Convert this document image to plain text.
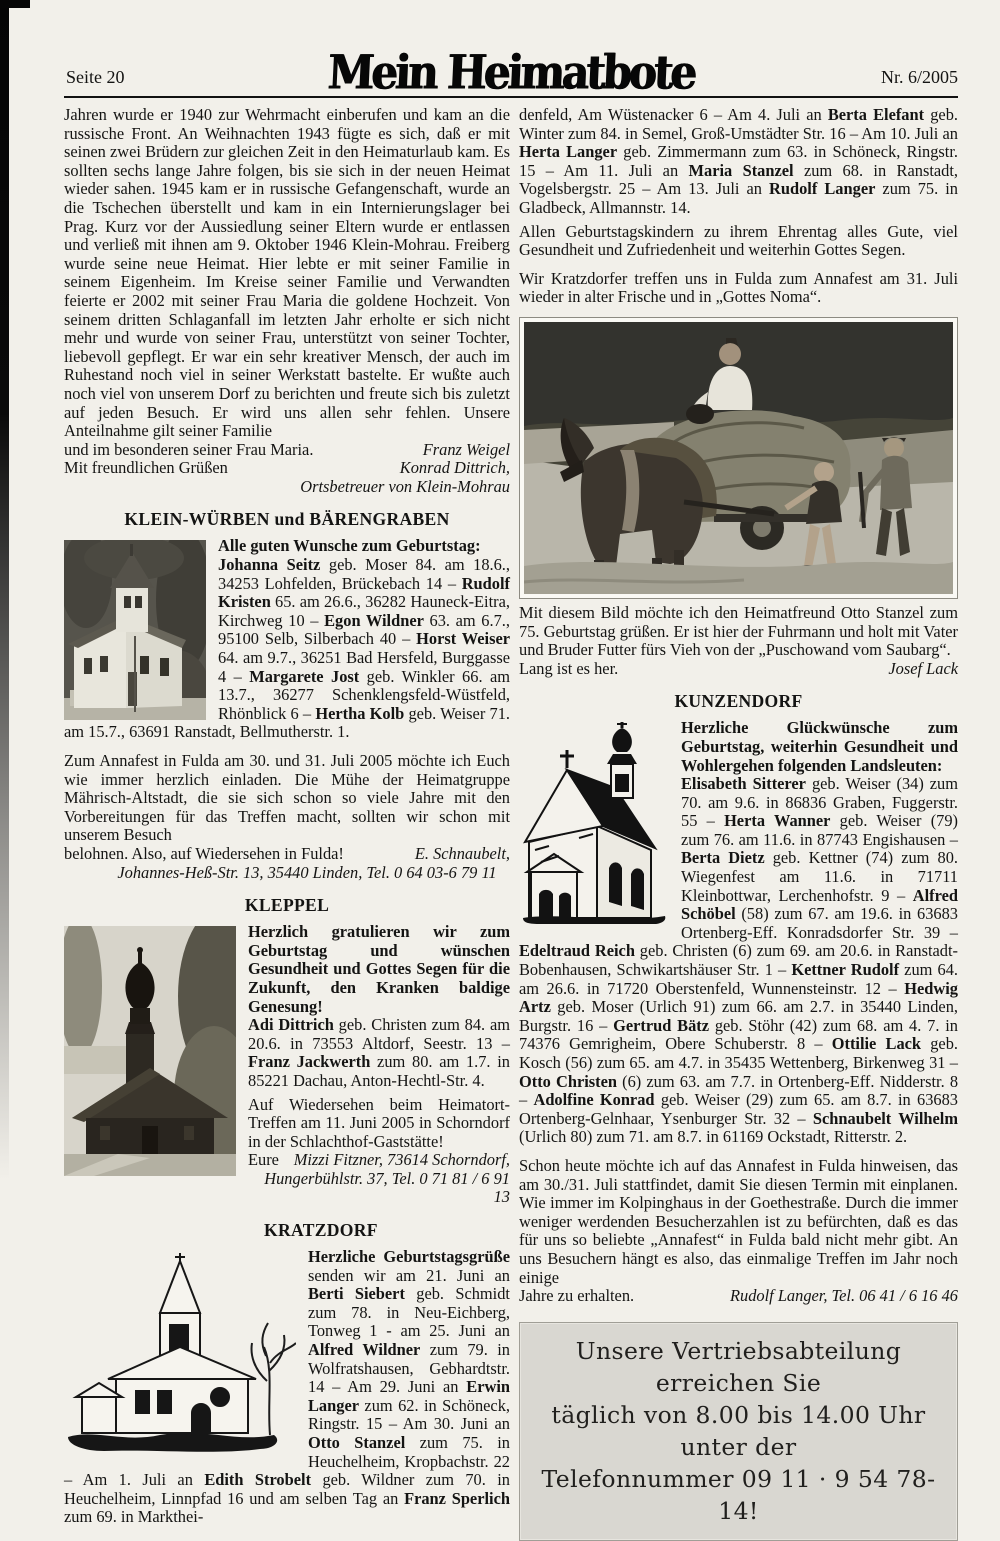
Seite 20	Mein Heimatbote	Nr. 6/2005

Jahren wurde er 1940 zur Wehrmacht einberufen und kam an die russische Front. An Weihnachten 1943 fügte es sich, daß er mit seinen zwei Brüdern zur gleichen Zeit in den Heimaturlaub kam. Es sollten sechs lange Jahre folgen, bis sie sich in der neuen Heimat wieder sahen. 1945 kam er in russische Gefangenschaft, wurde an die Tschechen überstellt und kam in ein Internierungslager bei Prag. Kurz vor der Aussiedlung seiner Eltern wurde er entlassen und verließ mit ihnen am 9. Oktober 1946 Klein-Mohrau. Freiberg wurde seine neue Heimat. Hier lebte er mit seiner Familie in seinem Eigenheim. Im Kreise seiner Familie und Verwandten feierte er 2002 mit seiner Frau Maria die goldene Hochzeit. Von seinem dritten Schlaganfall im letzten Jahr erholte er sich nicht mehr und wurde von seiner Frau, unterstützt von seiner Tochter, liebevoll gepflegt. Er war ein sehr kreativer Mensch, der auch im Ruhestand noch viel in seiner Werkstatt bastelte. Er wußte auch noch viel von unserem Dorf zu berichten und freute sich bis zuletzt auf jeden Besuch. Er wird uns allen sehr fehlen. Unsere Anteilnahme gilt seiner Familie

und im besonderen seiner Frau Maria.	Franz Weigel
Mit freundlichen Grüßen	Konrad Dittrich,
Ortsbetreuer von Klein-Mohrau
KLEIN-WÜRBEN und BÄRENGRABEN

Alle guten Wunsche zum Geburtstag:
Johanna Seitz geb. Moser 84. am 18.6., 34253 Lohfelden, Brückebach 14 – Rudolf Kristen 65. am 26.6., 36282 Hauneck-Eitra, Kirchweg 10 – Egon Wildner 63. am 6.7., 95100 Selb, Silberbach 40 – Horst Weiser 64. am 9.7., 36251 Bad Hersfeld, Burggasse 4 – Margarete Jost geb. Winkler 66. am 13.7., 36277 Schenklengsfeld-Wüstfeld, Rhönblick 6 – Hertha Kolb geb. Weiser 71. am 15.7., 63691 Ranstadt, Bellmutherstr. 1.

Zum Annafest in Fulda am 30. und 31. Juli 2005 möchte ich Euch wie immer herzlich einladen. Die Mühe der Heimatgruppe Mährisch-Altstadt, die sie sich schon so viele Jahre mit den Vorbereitungen für das Treffen macht, sollten wir schon mit unserem Besuch

belohnen. Also, auf Wiedersehen in Fulda!	E. Schnaubelt,
Johannes-Heß-Str. 13, 35440 Linden, Tel. 0 64 03-6 79 11
KLEPPEL

Herzlich gratulieren wir zum Geburtstag und wünschen Gesundheit und Gottes Segen für die Zukunft, den Kranken baldige Genesung!
Adi Dittrich geb. Christen zum 84. am 20.6. in 73553 Altdorf, Seestr. 13 – Franz Jackwerth zum 80. am 1.7. in 85221 Dachau, Anton-Hechtl-Str. 4.

Auf Wiedersehen beim Heimatort-Treffen am 11. Juni 2005 in Schorndorf in der Schlachthof-Gaststätte!

Eure Mizzi Fitzner, 73614 Schorndorf,
Hungerbühlstr. 37, Tel. 0 71 81 / 6 91 13
KRATZDORF

Herzliche Geburtstagsgrüße senden wir am 21. Juni an Berti Siebert geb. Schmidt zum 78. in Neu-Eichberg, Tonweg 1 - am 25. Juni an Alfred Wildner zum 79. in Wolfratshausen, Gebhardtstr. 14 – Am 29. Juni an Erwin Langer zum 62. in Schöneck, Ringstr. 15 – Am 30. Juni an Otto Stanzel zum 75. in Heuchelheim, Kropbachstr. 22 – Am 1. Juli an Edith Strobelt geb. Wildner zum 70. in Heuchelheim, Linnpfad 16 und am selben Tag an Franz Sperlich zum 69. in Markthei-

denfeld, Am Wüstenacker 6 – Am 4. Juli an Berta Elefant geb. Winter zum 84. in Semel, Groß-Umstädter Str. 16 – Am 10. Juli an Herta Langer geb. Zimmermann zum 63. in Schöneck, Ringstr. 15 – Am 11. Juli an Maria Stanzel zum 68. in Ranstadt, Vogelsbergstr. 25 – Am 13. Juli an Rudolf Langer zum 75. in Gladbeck, Allmannstr. 14.

Allen Geburtstagskindern zu ihrem Ehrentag alles Gute, viel Gesundheit und Zufriedenheit und weiterhin Gottes Segen.

Wir Kratzdorfer treffen uns in Fulda zum Annafest am 31. Juli wieder in alter Frische und in „Gottes Noma“.

Mit diesem Bild möchte ich den Heimatfreund Otto Stanzel zum 75. Geburtstag grüßen. Er ist hier der Fuhrmann und holt mit Vater und Bruder Futter fürs Vieh von der „Puschowand vom Saubarg“.

Lang ist es her.	Josef Lack
KUNZENDORF

Herzliche Glückwünsche zum Geburtstag, weiterhin Gesundheit und Wohlergehen folgenden Landsleuten:
Elisabeth Sitterer geb. Weiser (34) zum 70. am 9.6. in 86836 Graben, Fuggerstr. 55 – Herta Wanner geb. Weiser (79) zum 76. am 11.6. in 87743 Engishausen – Berta Dietz geb. Kettner (74) zum 80. Wiegenfest am 11.6. in 71711 Kleinbottwar, Lerchenhofstr. 9 – Alfred Schöbel (58) zum 67. am 19.6. in 63683 Ortenberg-Eff. Konradsdorfer Str. 39 – Edeltraud Reich geb. Christen (6) zum 69. am 20.6. in Ranstadt-Bobenhausen, Schwikartshäuser Str. 1 – Kettner Rudolf zum 64. am 26.6. in 71720 Oberstenfeld, Wunnensteinstr. 12 – Hedwig Artz geb. Moser (Urlich 91) zum 66. am 2.7. in 35440 Linden, Burgstr. 16 – Gertrud Bätz geb. Stöhr (42) zum 68. am 4. 7. in 74376 Gemrigheim, Obere Schuberstr. 8 – Ottilie Lack geb. Kosch (56) zum 65. am 4.7. in 35435 Wettenberg, Birkenweg 31 – Otto Christen (6) zum 63. am 7.7. in Ortenberg-Eff. Nidderstr. 8 – Adolfine Konrad geb. Weiser (29) zum 65. am 8.7. in 63683 Ortenberg-Gelnhaar, Ysenburger Str. 32 – Schnaubelt Wilhelm (Urlich 80) zum 71. am 8.7. in 61169 Ockstadt, Ritterstr. 2.

Schon heute möchte ich auf das Annafest in Fulda hinweisen, das am 30./31. Juli stattfindet, damit Sie diesen Termin mit einplanen. Wie immer im Kolpinghaus in der Goethestraße. Durch die immer weniger werdenden Besucherzahlen ist zu befürchten, daß es das für uns so beliebte „Annafest“ in Fulda bald nicht mehr gibt. An uns Besuchern hängt es also, das einmalige Treffen im Jahr noch einige

Jahre zu erhalten.	Rudolf Langer, Tel. 06 41 / 6 16 46
Unsere Vertriebsabteilung erreichen Sie
täglich von 8.00 bis 14.00 Uhr unter der
Telefonnummer 09 11 · 9 54 78-14!
